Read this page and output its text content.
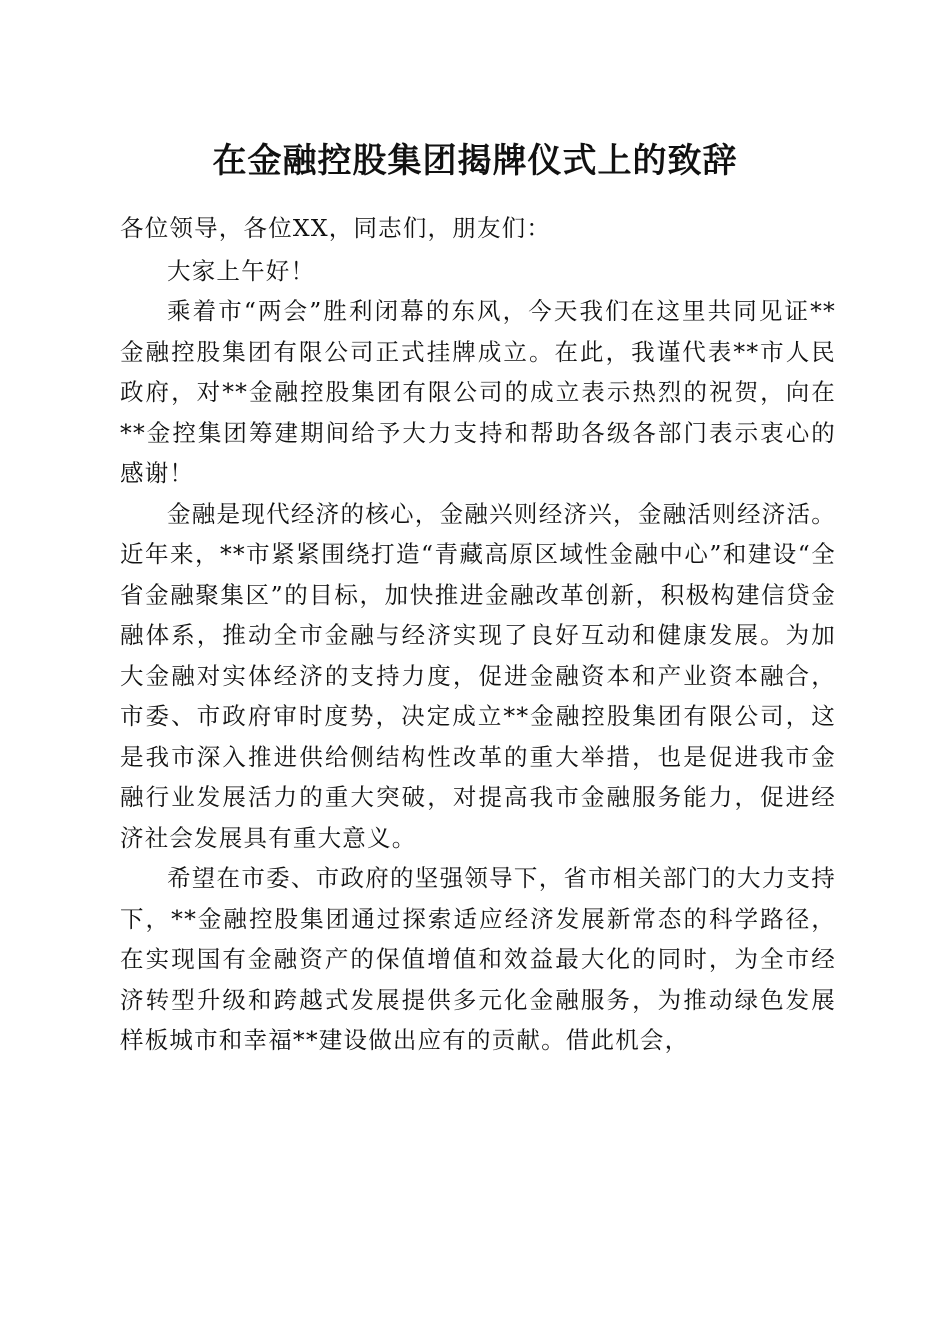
在金融控股集团揭牌仪式上的致辞

各位领导，各位XX，同志们，朋友们：

大家上午好！

乘着市“两会”胜利闭幕的东风，今天我们在这里共同见证**金融控股集团有限公司正式挂牌成立。在此，我谨代表**市人民政府，对**金融控股集团有限公司的成立表示热烈的祝贺，向在**金控集团筹建期间给予大力支持和帮助各级各部门表示衷心的感谢！

金融是现代经济的核心，金融兴则经济兴，金融活则经济活。近年来，**市紧紧围绕打造“青藏高原区域性金融中心”和建设“全省金融聚集区”的目标，加快推进金融改革创新，积极构建信贷金融体系，推动全市金融与经济实现了良好互动和健康发展。为加大金融对实体经济的支持力度，促进金融资本和产业资本融合，市委、市政府审时度势，决定成立**金融控股集团有限公司，这是我市深入推进供给侧结构性改革的重大举措，也是促进我市金融行业发展活力的重大突破，对提高我市金融服务能力，促进经济社会发展具有重大意义。

希望在市委、市政府的坚强领导下，省市相关部门的大力支持下，**金融控股集团通过探索适应经济发展新常态的科学路径，在实现国有金融资产的保值增值和效益最大化的同时，为全市经济转型升级和跨越式发展提供多元化金融服务，为推动绿色发展样板城市和幸福**建设做出应有的贡献。借此机会，
